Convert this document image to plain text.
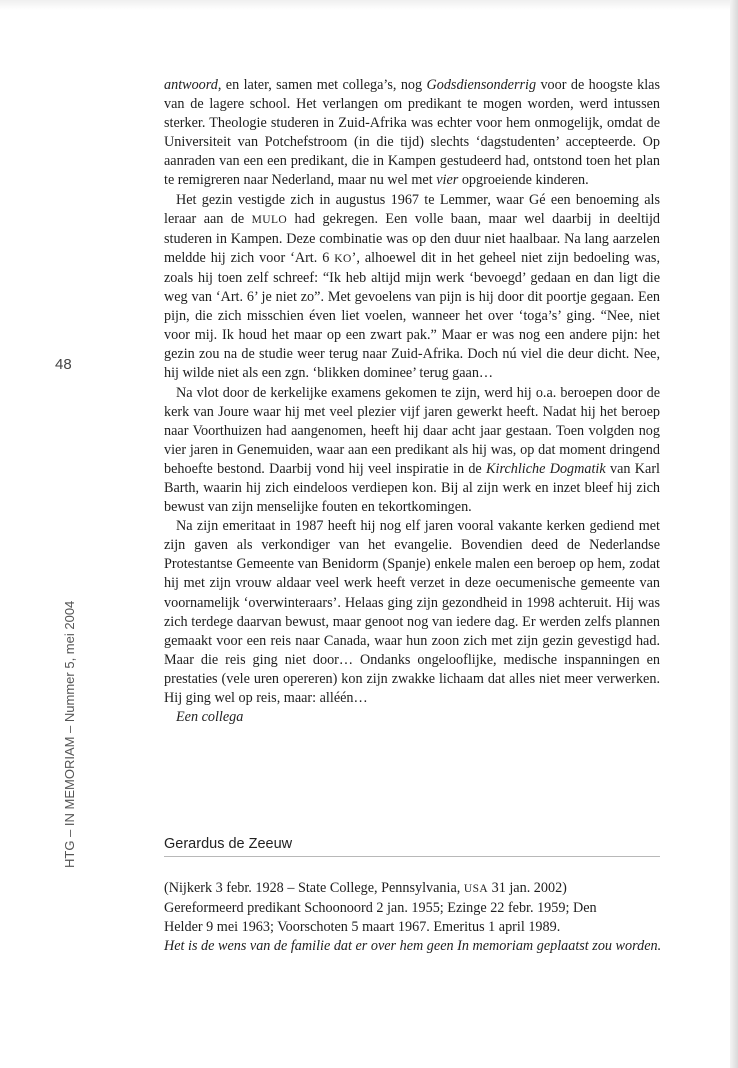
48
HTG – IN MEMORIAM – Nummer 5, mei 2004

antwoord, en later, samen met collega’s, nog Godsdiensonderrig voor de hoogste klas van de lagere school. Het verlangen om predikant te mogen worden, werd intussen sterker. Theologie studeren in Zuid-Afrika was echter voor hem onmogelijk, omdat de Universiteit van Potchefstroom (in die tijd) slechts ‘dagstudenten’ accepteerde. Op aanraden van een een predikant, die in Kampen gestudeerd had, ontstond toen het plan te remigreren naar Nederland, maar nu wel met vier opgroeiende kinderen.

Het gezin vestigde zich in augustus 1967 te Lemmer, waar Gé een benoeming als leraar aan de MULO had gekregen. Een volle baan, maar wel daarbij in deeltijd studeren in Kampen. Deze combinatie was op den duur niet haalbaar. Na lang aarzelen meldde hij zich voor ‘Art. 6 KO’, alhoewel dit in het geheel niet zijn bedoeling was, zoals hij toen zelf schreef: “Ik heb altijd mijn werk ‘bevoegd’ gedaan en dan ligt die weg van ‘Art. 6’ je niet zo”. Met gevoelens van pijn is hij door dit poortje gegaan. Een pijn, die zich misschien éven liet voelen, wanneer het over ‘toga’s’ ging. “Nee, niet voor mij. Ik houd het maar op een zwart pak.” Maar er was nog een andere pijn: het gezin zou na de studie weer terug naar Zuid-Afrika. Doch nú viel die deur dicht. Nee, hij wilde niet als een zgn. ‘blikken dominee’ terug gaan…

Na vlot door de kerkelijke examens gekomen te zijn, werd hij o.a. beroepen door de kerk van Joure waar hij met veel plezier vijf jaren gewerkt heeft. Nadat hij het beroep naar Voorthuizen had aangenomen, heeft hij daar acht jaar gestaan. Toen volgden nog vier jaren in Genemuiden, waar aan een predikant als hij was, op dat moment dringend behoefte bestond. Daarbij vond hij veel inspiratie in de Kirchliche Dogmatik van Karl Barth, waarin hij zich eindeloos verdiepen kon. Bij al zijn werk en inzet bleef hij zich bewust van zijn menselijke fouten en tekortkomingen.

Na zijn emeritaat in 1987 heeft hij nog elf jaren vooral vakante kerken gediend met zijn gaven als verkondiger van het evangelie. Bovendien deed de Nederlandse Protestantse Gemeente van Benidorm (Spanje) enkele malen een beroep op hem, zodat hij met zijn vrouw aldaar veel werk heeft verzet in deze oecumenische gemeente van voornamelijk ‘overwinteraars’. Helaas ging zijn gezondheid in 1998 achteruit. Hij was zich terdege daarvan bewust, maar genoot nog van iedere dag. Er werden zelfs plannen gemaakt voor een reis naar Canada, waar hun zoon zich met zijn gezin gevestigd had. Maar die reis ging niet door… Ondanks ongelooflijke, medische inspanningen en prestaties (vele uren opereren) kon zijn zwakke lichaam dat alles niet meer verwerken. Hij ging wel op reis, maar: alléén…

Een collega

Gerardus de Zeeuw

(Nijkerk 3 febr. 1928 – State College, Pennsylvania, USA 31 jan. 2002)

Gereformeerd predikant Schoonoord 2 jan. 1955; Ezinge 22 febr. 1959; Den

Helder 9 mei 1963; Voorschoten 5 maart 1967. Emeritus 1 april 1989.

Het is de wens van de familie dat er over hem geen In memoriam geplaatst zou worden.
